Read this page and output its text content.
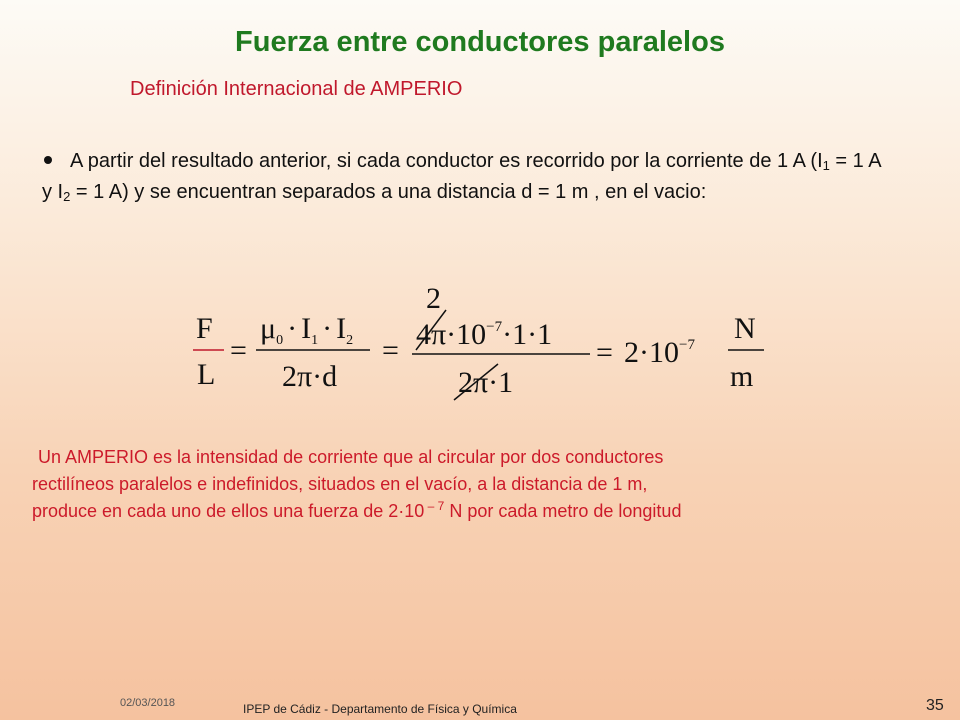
Fuerza entre conductores paralelos
Definición Internacional de AMPERIO
A partir del resultado anterior, si cada conductor es recorrido por la corriente de 1 A ($I_1 = 1$ A y $I_2 = 1$ A) y se encuentran separados a una distancia d = 1 m , en el vacio:
F
L
=
$\mu_0 \cdot I_1 \cdot I_2$
2π·d
=
2
$4\pi\cdot 10^{-7}\cdot 1\cdot 1$
2π·1
= $2\cdot 10^{-7}$ N
m
Un AMPERIO es la intensidad de corriente que al circular por dos conductores
rectilíneos paralelos e indefinidos, situados en el vacío, a la distancia de 1 m,
produce en cada uno de ellos una fuerza de 2·10 $^{- 7}$ N por cada metro de longitud
02/03/2018	IPEP de Cádiz - Departamento de Física y Química	35
